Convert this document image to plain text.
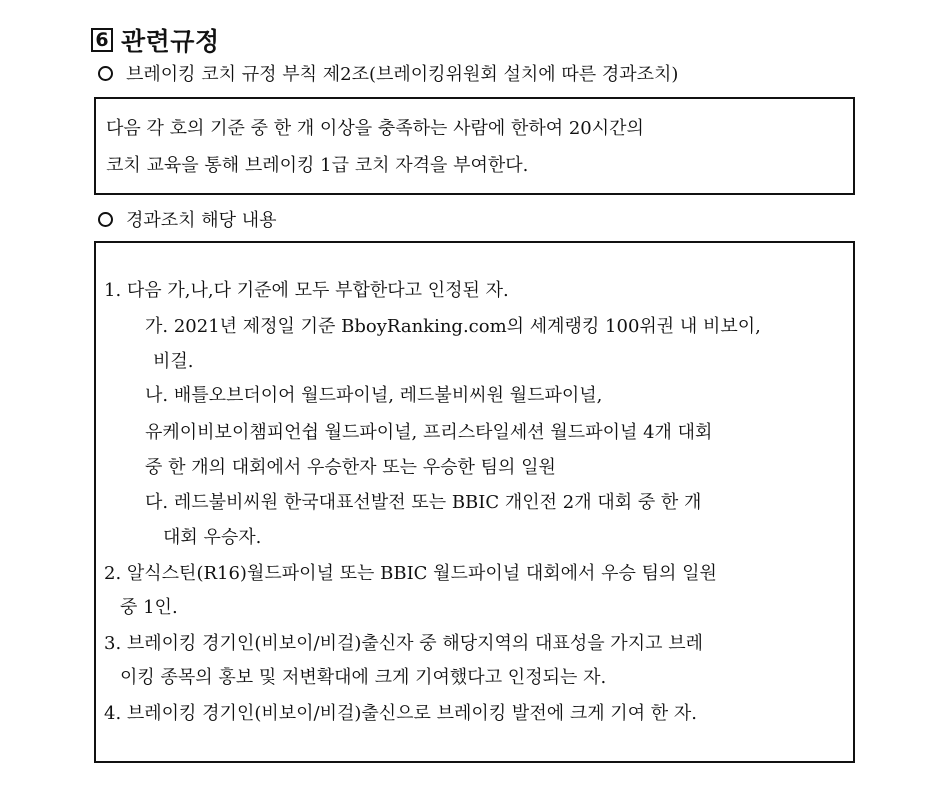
6 관련규정
브레이킹 코치 규정 부칙 제2조(브레이킹위원회 설치에 따른 경과조치)
다음 각 호의 기준 중 한 개 이상을 충족하는 사람에 한하여 20시간의
코치 교육을 통해 브레이킹 1급 코치 자격을 부여한다.
경과조치 해당 내용
1. 다음 가,나,다 기준에 모두 부합한다고 인정된 자.
가. 2021년 제정일 기준 BboyRanking.com의 세계랭킹 100위권 내 비보이,
비걸.
나. 배틀오브더이어 월드파이널, 레드불비씨원 월드파이널,
유케이비보이챔피언쉽 월드파이널, 프리스타일세션 월드파이널 4개 대회
중 한 개의 대회에서 우승한자 또는 우승한 팀의 일원
다. 레드불비씨원 한국대표선발전 또는 BBIC 개인전 2개 대회 중 한 개
대회 우승자.
2. 알식스틴(R16)월드파이널 또는 BBIC 월드파이널 대회에서 우승 팀의 일원
중 1인.
3. 브레이킹 경기인(비보이/비걸)출신자 중 해당지역의 대표성을 가지고 브레
이킹 종목의 홍보 및 저변확대에 크게 기여했다고 인정되는 자.
4. 브레이킹 경기인(비보이/비걸)출신으로 브레이킹 발전에 크게 기여 한 자.
